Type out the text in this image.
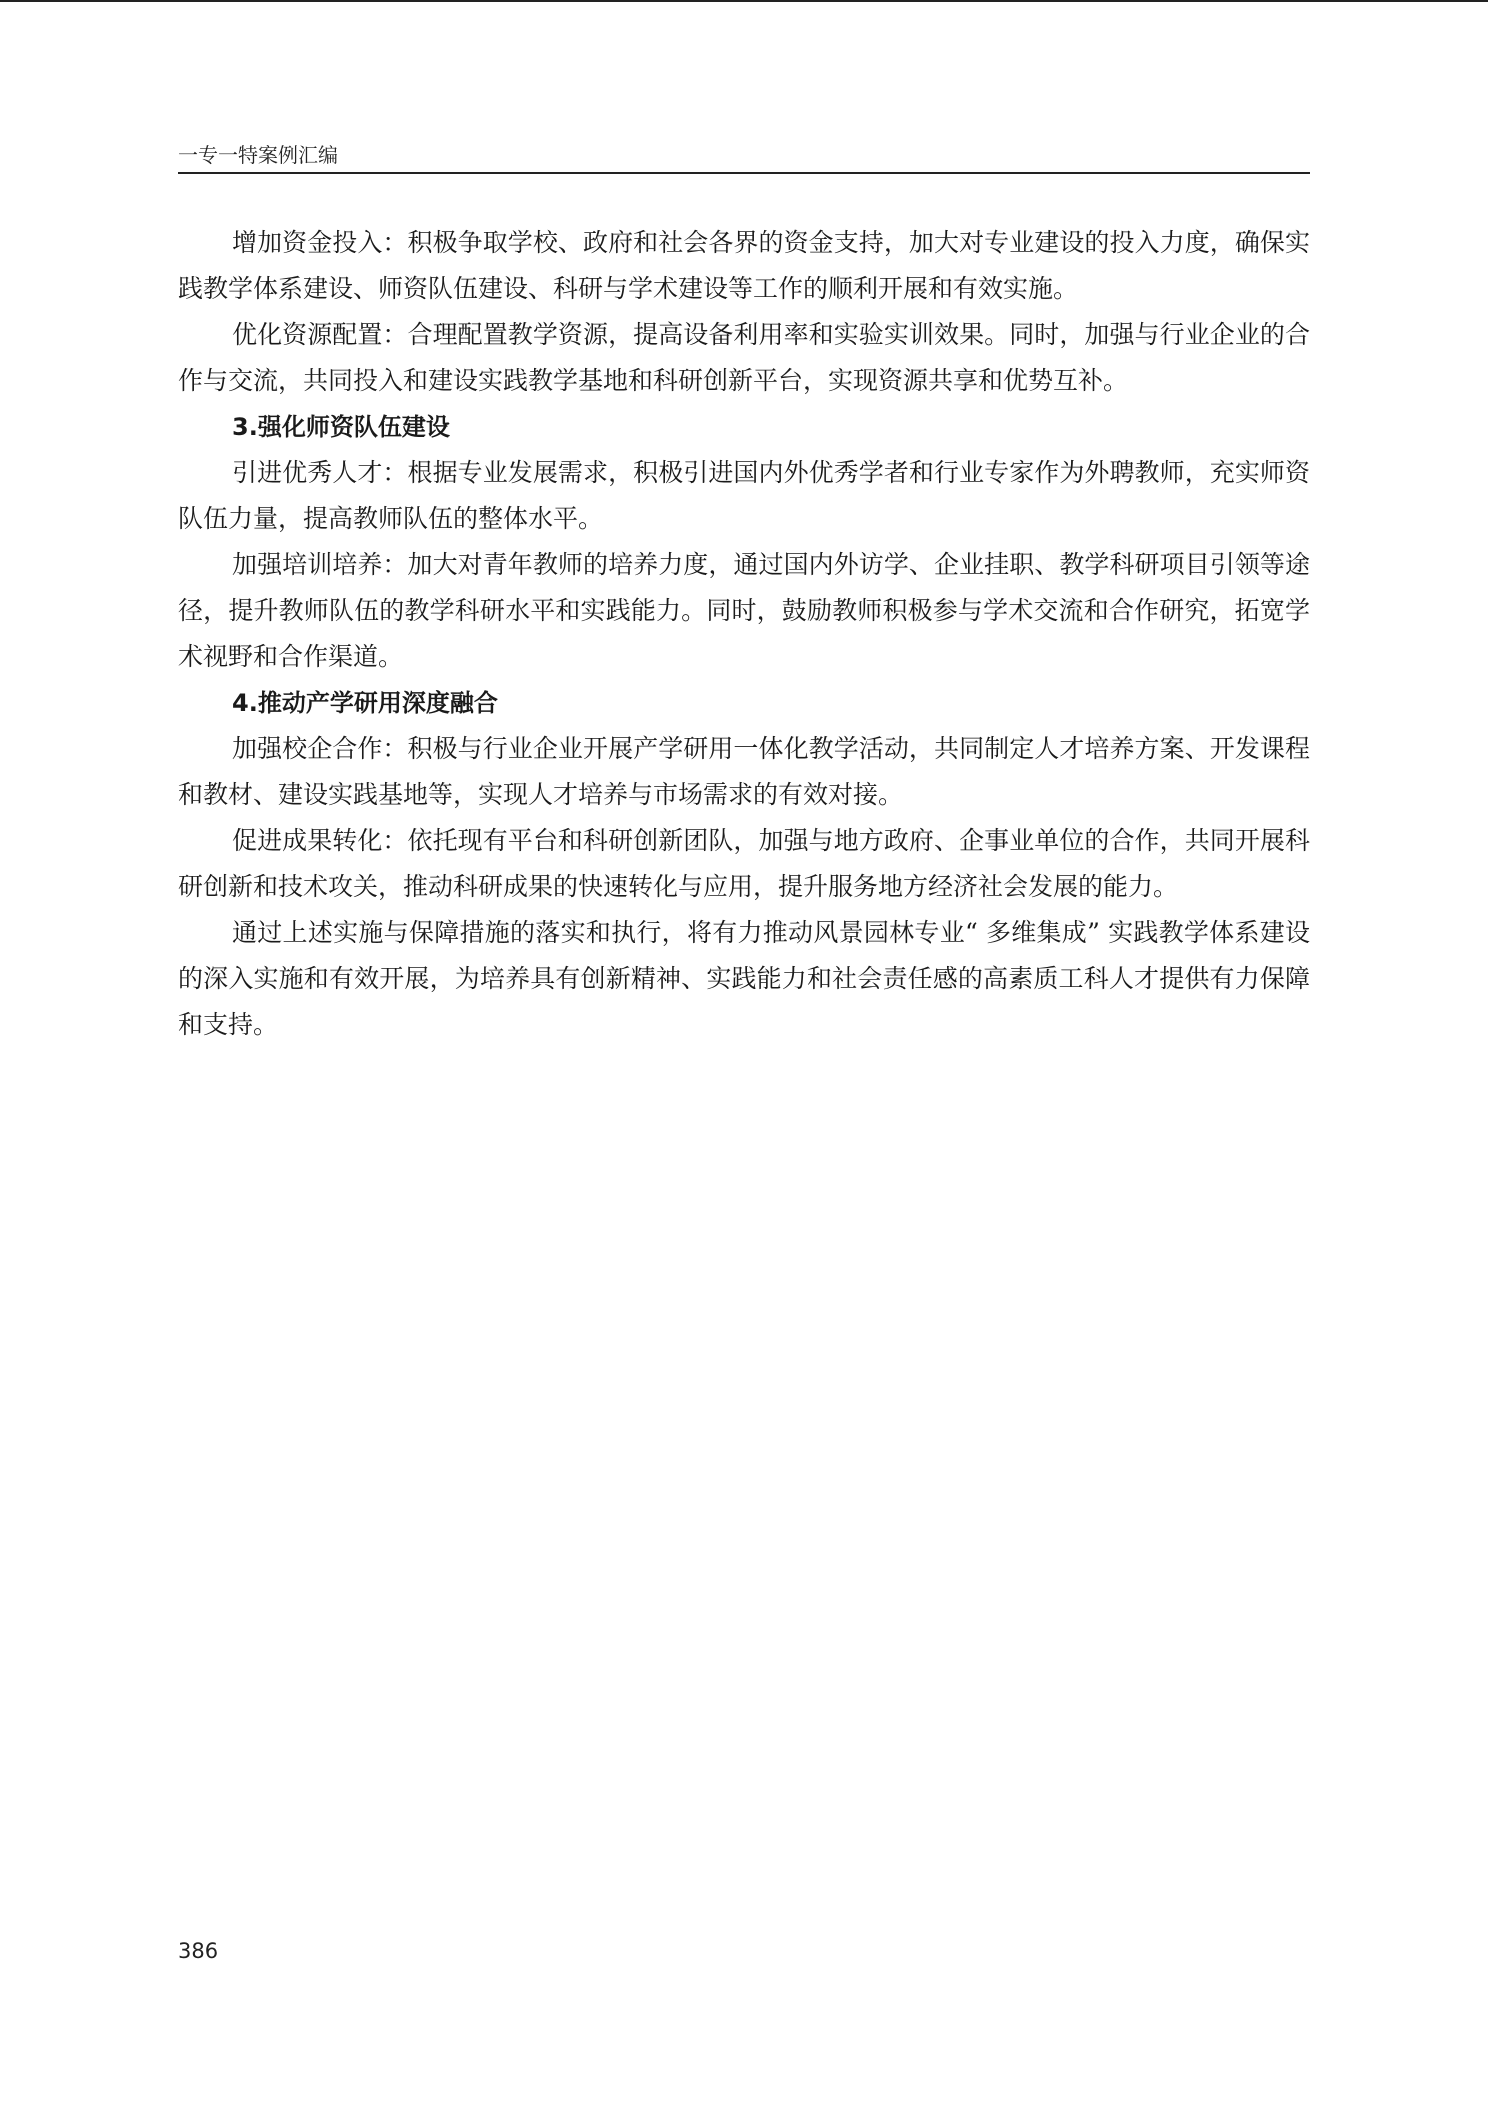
一专一特案例汇编

增加资金投入：积极争取学校、政府和社会各界的资金支持，加大对专业建设的投入力度，确保实践教学体系建设、师资队伍建设、科研与学术建设等工作的顺利开展和有效实施。

优化资源配置：合理配置教学资源，提高设备利用率和实验实训效果。同时，加强与行业企业的合作与交流，共同投入和建设实践教学基地和科研创新平台，实现资源共享和优势互补。

3.强化师资队伍建设

引进优秀人才：根据专业发展需求，积极引进国内外优秀学者和行业专家作为外聘教师，充实师资队伍力量，提高教师队伍的整体水平。

加强培训培养：加大对青年教师的培养力度，通过国内外访学、企业挂职、教学科研项目引领等途径，提升教师队伍的教学科研水平和实践能力。同时，鼓励教师积极参与学术交流和合作研究，拓宽学术视野和合作渠道。

4.推动产学研用深度融合

加强校企合作：积极与行业企业开展产学研用一体化教学活动，共同制定人才培养方案、开发课程和教材、建设实践基地等，实现人才培养与市场需求的有效对接。

促进成果转化：依托现有平台和科研创新团队，加强与地方政府、企事业单位的合作，共同开展科研创新和技术攻关，推动科研成果的快速转化与应用，提升服务地方经济社会发展的能力。

通过上述实施与保障措施的落实和执行，将有力推动风景园林专业“ 多维集成” 实践教学体系建设的深入实施和有效开展，为培养具有创新精神、实践能力和社会责任感的高素质工科人才提供有力保障和支持。

386
